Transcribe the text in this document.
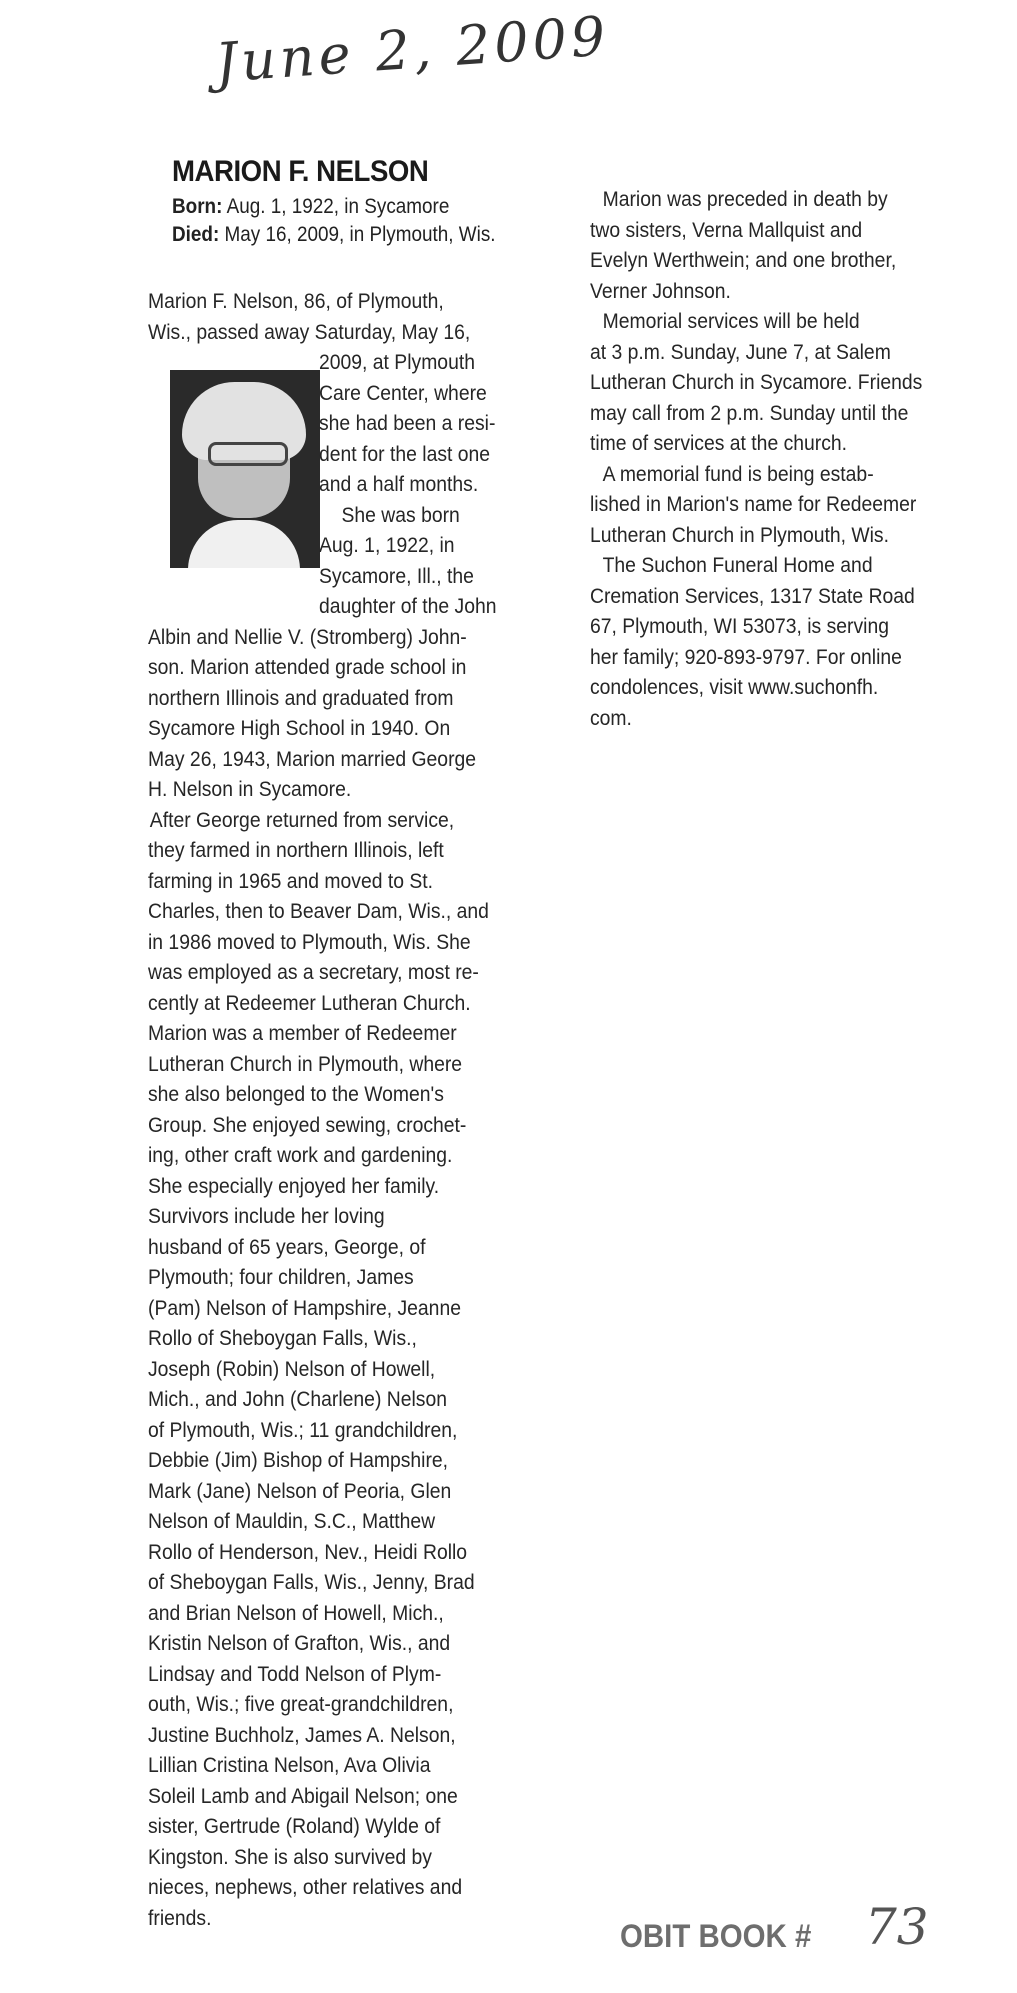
June 2, 2009
MARION F. NELSON
Born: Aug. 1, 1922, in Sycamore
Died: May 16, 2009, in Plymouth, Wis.

Marion F. Nelson, 86, of Plymouth,
Wis., passed away Saturday, May 16,

2009, at Plymouth
Care Center, where
she had been a resi-
dent for the last one
and a half months.

She was born
Aug. 1, 1922, in
Sycamore, Ill., the
daughter of the John
Albin and Nellie V. (Stromberg) John-
son. Marion attended grade school in
northern Illinois and graduated from
Sycamore High School in 1940. On
May 26, 1943, Marion married George
H. Nelson in Sycamore.

After George returned from service,
they farmed in northern Illinois, left
farming in 1965 and moved to St.
Charles, then to Beaver Dam, Wis., and
in 1986 moved to Plymouth, Wis. She
was employed as a secretary, most re-
cently at Redeemer Lutheran Church.
Marion was a member of Redeemer
Lutheran Church in Plymouth, where
she also belonged to the Women's
Group. She enjoyed sewing, crochet-
ing, other craft work and gardening.
She especially enjoyed her family.

Survivors include her loving
husband of 65 years, George, of
Plymouth; four children, James
(Pam) Nelson of Hampshire, Jeanne
Rollo of Sheboygan Falls, Wis.,
Joseph (Robin) Nelson of Howell,
Mich., and John (Charlene) Nelson
of Plymouth, Wis.; 11 grandchildren,
Debbie (Jim) Bishop of Hampshire,
Mark (Jane) Nelson of Peoria, Glen
Nelson of Mauldin, S.C., Matthew
Rollo of Henderson, Nev., Heidi Rollo
of Sheboygan Falls, Wis., Jenny, Brad
and Brian Nelson of Howell, Mich.,
Kristin Nelson of Grafton, Wis., and
Lindsay and Todd Nelson of Plym-
outh, Wis.; five great-grandchildren,
Justine Buchholz, James A. Nelson,
Lillian Cristina Nelson, Ava Olivia
Soleil Lamb and Abigail Nelson; one
sister, Gertrude (Roland) Wylde of
Kingston. She is also survived by
nieces, nephews, other relatives and
friends.

Marion was preceded in death by
two sisters, Verna Mallquist and
Evelyn Werthwein; and one brother,
Verner Johnson.

Memorial services will be held
at 3 p.m. Sunday, June 7, at Salem
Lutheran Church in Sycamore. Friends
may call from 2 p.m. Sunday until the
time of services at the church.

A memorial fund is being estab-
lished in Marion's name for Redeemer
Lutheran Church in Plymouth, Wis.

The Suchon Funeral Home and
Cremation Services, 1317 State Road
67, Plymouth, WI 53073, is serving
her family; 920-893-9797. For online
condolences, visit www.suchonfh.
com.

OBIT BOOK # 73
